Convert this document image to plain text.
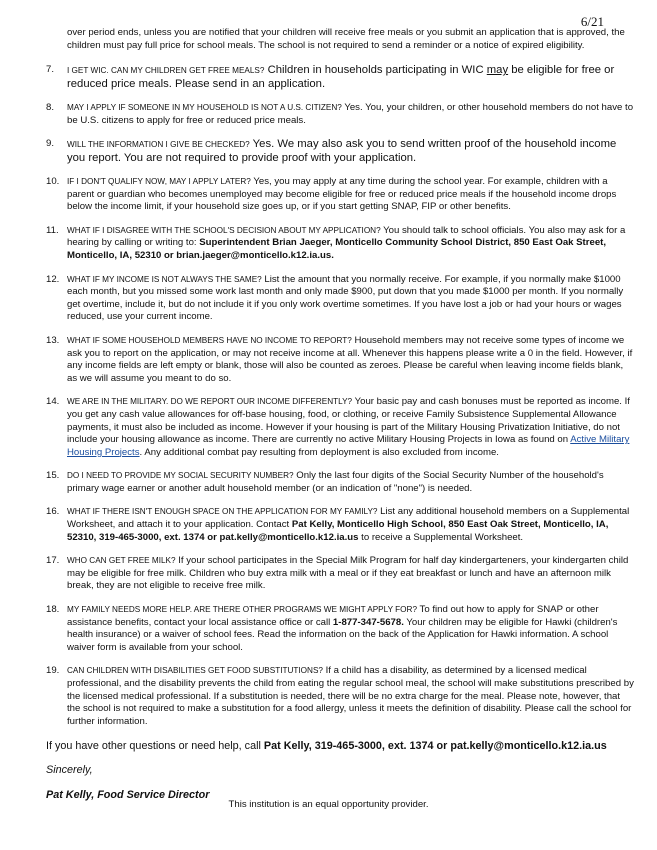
6/21
over period ends, unless you are notified that your children will receive free meals or you submit an application that is approved, the children must pay full price for school meals. The school is not required to send a reminder or a notice of expired eligibility.
7.	I GET WIC. CAN MY CHILDREN GET FREE MEALS? Children in households participating in WIC may be eligible for free or reduced price meals. Please send in an application.
8.	MAY I APPLY IF SOMEONE IN MY HOUSEHOLD IS NOT A U.S. CITIZEN? Yes. You, your children, or other household members do not have to be U.S. citizens to apply for free or reduced price meals.
9.	WILL THE INFORMATION I GIVE BE CHECKED? Yes. We may also ask you to send written proof of the household income you report. You are not required to provide proof with your application.
10. IF I DON'T QUALIFY NOW, MAY I APPLY LATER? Yes, you may apply at any time during the school year. For example, children with a parent or guardian who becomes unemployed may become eligible for free or reduced price meals if the household income drops below the income limit, if your household size goes up, or if you start getting SNAP, FIP or other benefits.
11.	WHAT IF I DISAGREE WITH THE SCHOOL'S DECISION ABOUT MY APPLICATION? You should talk to school officials. You also may ask for a hearing by calling or writing to: Superintendent Brian Jaeger, Monticello Community School District, 850 East Oak Street, Monticello, IA, 52310 or brian.jaeger@monticello.k12.ia.us.
12. WHAT IF MY INCOME IS NOT ALWAYS THE SAME? List the amount that you normally receive. For example, if you normally make $1000 each month, but you missed some work last month and only made $900, put down that you made $1000 per month. If you normally get overtime, include it, but do not include it if you only work overtime sometimes. If you have lost a job or had your hours or wages reduced, use your current income.
13. WHAT IF SOME HOUSEHOLD MEMBERS HAVE NO INCOME TO REPORT? Household members may not receive some types of income we ask you to report on the application, or may not receive income at all. Whenever this happens please write a 0 in the field. However, if any income fields are left empty or blank, those will also be counted as zeroes. Please be careful when leaving income fields blank, as we will assume you meant to do so.
14. WE ARE IN THE MILITARY. DO WE REPORT OUR INCOME DIFFERENTLY? Your basic pay and cash bonuses must be reported as income. If you get any cash value allowances for off-base housing, food, or clothing, or receive Family Subsistence Supplemental Allowance payments, it must also be included as income. However if your housing is part of the Military Housing Privatization Initiative, do not include your housing allowance as income. There are currently no active Military Housing Projects in Iowa as found on Active Military Housing Projects. Any additional combat pay resulting from deployment is also excluded from income.
15. DO I NEED TO PROVIDE MY SOCIAL SECURITY NUMBER? Only the last four digits of the Social Security Number of the household's primary wage earner or another adult household member (or an indication of "none") is needed.
16. WHAT IF THERE ISN'T ENOUGH SPACE ON THE APPLICATION FOR MY FAMILY? List any additional household members on a Supplemental Worksheet, and attach it to your application. Contact Pat Kelly, Monticello High School, 850 East Oak Street, Monticello, IA, 52310, 319-465-3000, ext. 1374 or pat.kelly@monticello.k12.ia.us to receive a Supplemental Worksheet.
17. WHO CAN GET FREE MILK? If your school participates in the Special Milk Program for half day kindergarteners, your kindergarten child may be eligible for free milk. Children who buy extra milk with a meal or if they eat breakfast or lunch and have an afternoon milk break, they are not eligible to receive free milk.
18. MY FAMILY NEEDS MORE HELP. ARE THERE OTHER PROGRAMS WE MIGHT APPLY FOR? To find out how to apply for SNAP or other assistance benefits, contact your local assistance office or call 1-877-347-5678. Your children may be eligible for Hawki (children's health insurance) or a waiver of school fees. Read the information on the back of the Application for Hawki information. A school waiver form is available from your school.
19. CAN CHILDREN WITH DISABILITIES GET FOOD SUBSTITUTIONS? If a child has a disability, as determined by a licensed medical professional, and the disability prevents the child from eating the regular school meal, the school will make substitutions prescribed by the licensed medical professional. If a substitution is needed, there will be no extra charge for the meal. Please note, however, that the school is not required to make a substitution for a food allergy, unless it meets the definition of disability. Please call the school for further information.
If you have other questions or need help, call Pat Kelly, 319-465-3000, ext. 1374 or pat.kelly@monticello.k12.ia.us
Sincerely,
Pat Kelly, Food Service Director
This institution is an equal opportunity provider.
